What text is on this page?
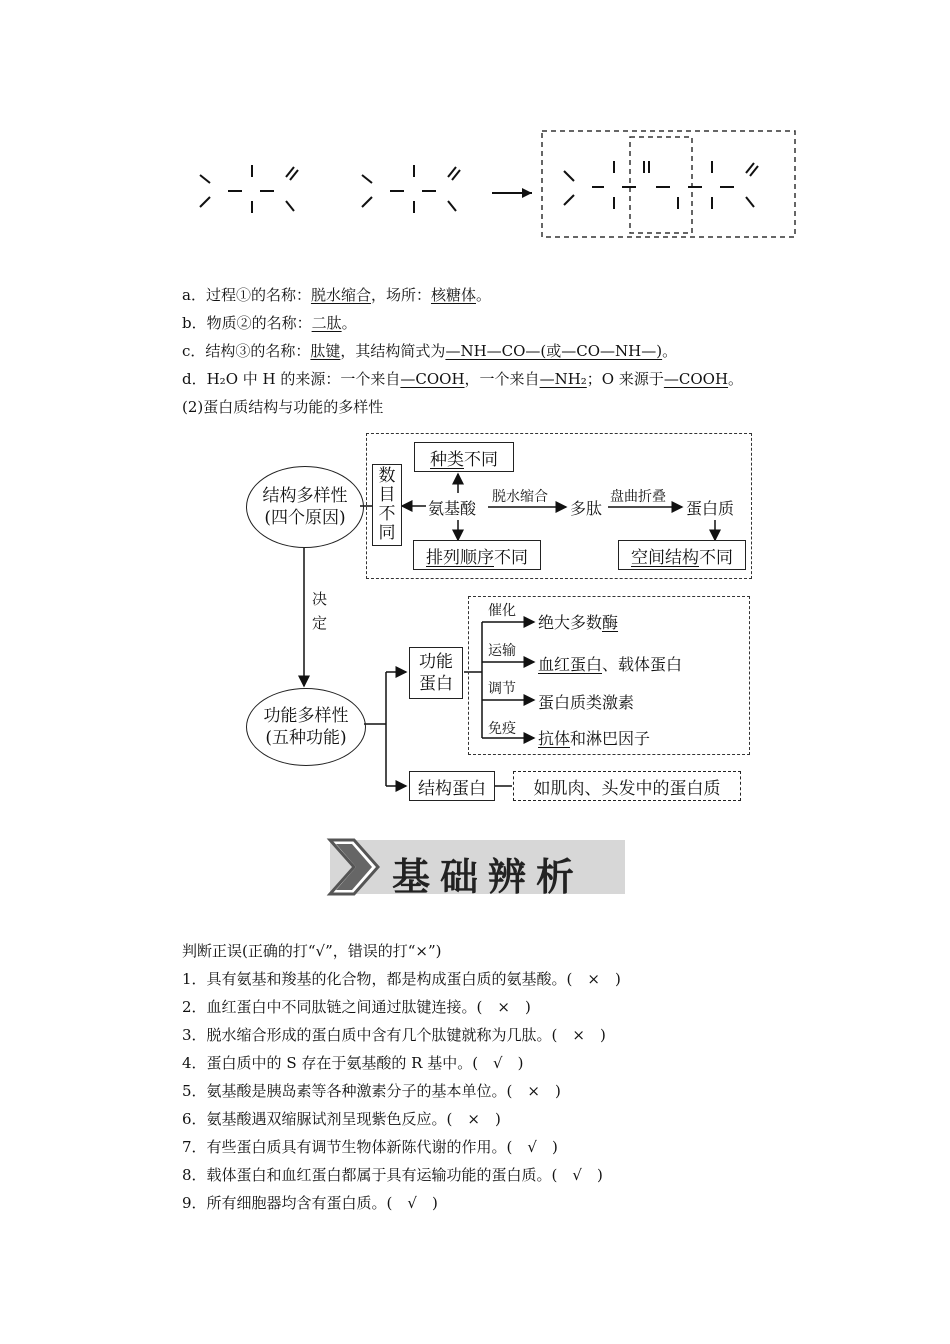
a．过程①的名称：脱水缩合，场所：核糖体。
b．物质②的名称：二肽。
c．结构③的名称：肽键，其结构简式为—NH—CO—(或—CO—NH—)。
d．H₂O 中 H 的来源：一个来自—COOH，一个来自—NH₂；O 来源于—COOH。
(2)蛋白质结构与功能的多样性
结构多样性
(四个原因)
数
目
不
同
种类 不同
氨基酸
脱水缩合
多肽
盘曲折叠
蛋白质
排列顺序 不同	空间结构 不同
决
定
功能多样性
(五种功能)
功能
蛋白
催化
绝大多数酶
运输
血红蛋白、载体蛋白
调节
蛋白质类激素
免疫 抗体和淋巴因子
结构蛋白	如肌肉、头发中的蛋白质
基础辨析
判断正误(正确的打“√”，错误的打“×”)
1．具有氨基和羧基的化合物，都是构成蛋白质的氨基酸。(　×　)
2．血红蛋白中不同肽链之间通过肽键连接。(　×　)
3．脱水缩合形成的蛋白质中含有几个肽键就称为几肽。(　×　)
4．蛋白质中的 S 存在于氨基酸的 R 基中。(　√　)
5．氨基酸是胰岛素等各种激素分子的基本单位。(　×　)
6．氨基酸遇双缩脲试剂呈现紫色反应。(　×　)
7．有些蛋白质具有调节生物体新陈代谢的作用。(　√　)
8．载体蛋白和血红蛋白都属于具有运输功能的蛋白质。(　√　)
9．所有细胞器均含有蛋白质。(　√　)
